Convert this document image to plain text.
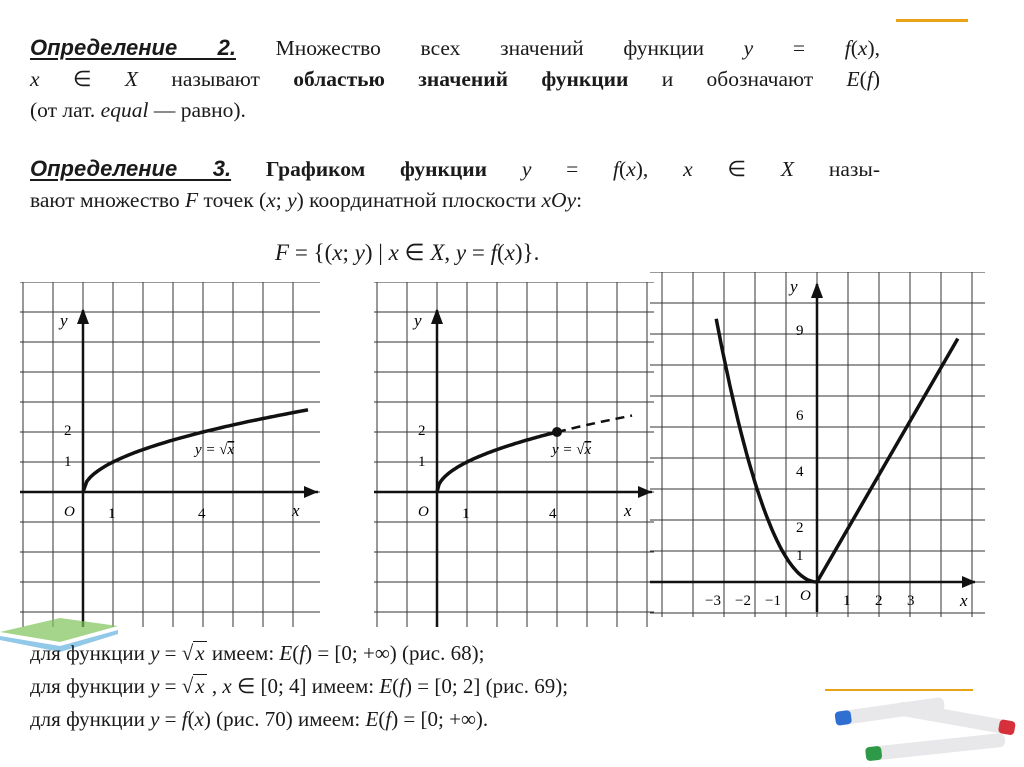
Определение 2. Множество всех значений функции y = f(x),
x ∈ X называют областью значений функции и обозначают E(f)
(от лат. equal — равно).
Определение 3. Графиком функции y = f(x), x ∈ X назы-
вают множество F точек (x; y) координатной плоскости xOy:
F = {(x; y) | x ∈ X, y = f(x)}.
x
y
O 1	4
1
2
y = √x
x
y
O 1	4
1
2
y = √x
x
y
O
−3 −2 −1	1 2 3
1
2
4
6
9
для функции y = √x имеем: E(f) = [0; +∞) (рис. 68);
для функции y = √x , x ∈ [0; 4] имеем: E(f) = [0; 2] (рис. 69);
для функции y = f(x) (рис. 70) имеем: E(f) = [0; +∞).
